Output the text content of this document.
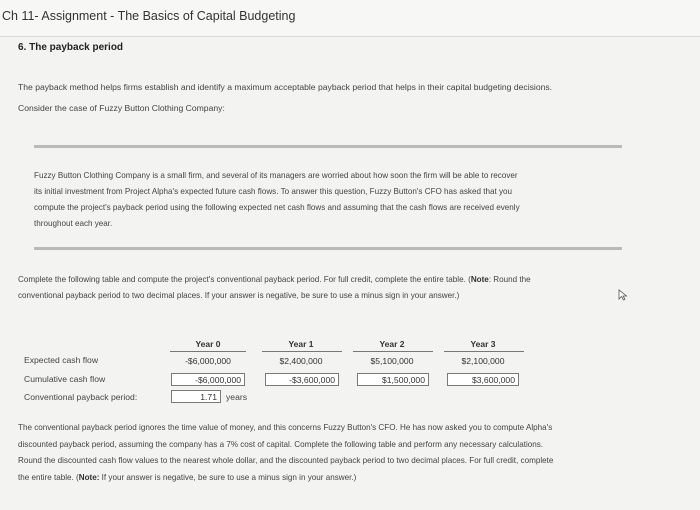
Ch 11- Assignment - The Basics of Capital Budgeting
6. The payback period
The payback method helps firms establish and identify a maximum acceptable payback period that helps in their capital budgeting decisions.
Consider the case of Fuzzy Button Clothing Company:
Fuzzy Button Clothing Company is a small firm, and several of its managers are worried about how soon the firm will be able to recover
its initial investment from Project Alpha's expected future cash flows. To answer this question, Fuzzy Button's CFO has asked that you
compute the project's payback period using the following expected net cash flows and assuming that the cash flows are received evenly
throughout each year.
Complete the following table and compute the project's conventional payback period. For full credit, complete the entire table. (Note: Round the
conventional payback period to two decimal places. If your answer is negative, be sure to use a minus sign in your answer.)
Year 0	Year 1	Year 2	Year 3
Expected cash flow	-$6,000,000	$2,400,000	$5,100,000	$2,100,000
Cumulative cash flow	-$6,000,000	-$3,600,000	$1,500,000	$3,600,000
Conventional payback period:	1.71	years
The conventional payback period ignores the time value of money, and this concerns Fuzzy Button's CFO. He has now asked you to compute Alpha's
discounted payback period, assuming the company has a 7% cost of capital. Complete the following table and perform any necessary calculations.
Round the discounted cash flow values to the nearest whole dollar, and the discounted payback period to two decimal places. For full credit, complete
the entire table. (Note: If your answer is negative, be sure to use a minus sign in your answer.)
